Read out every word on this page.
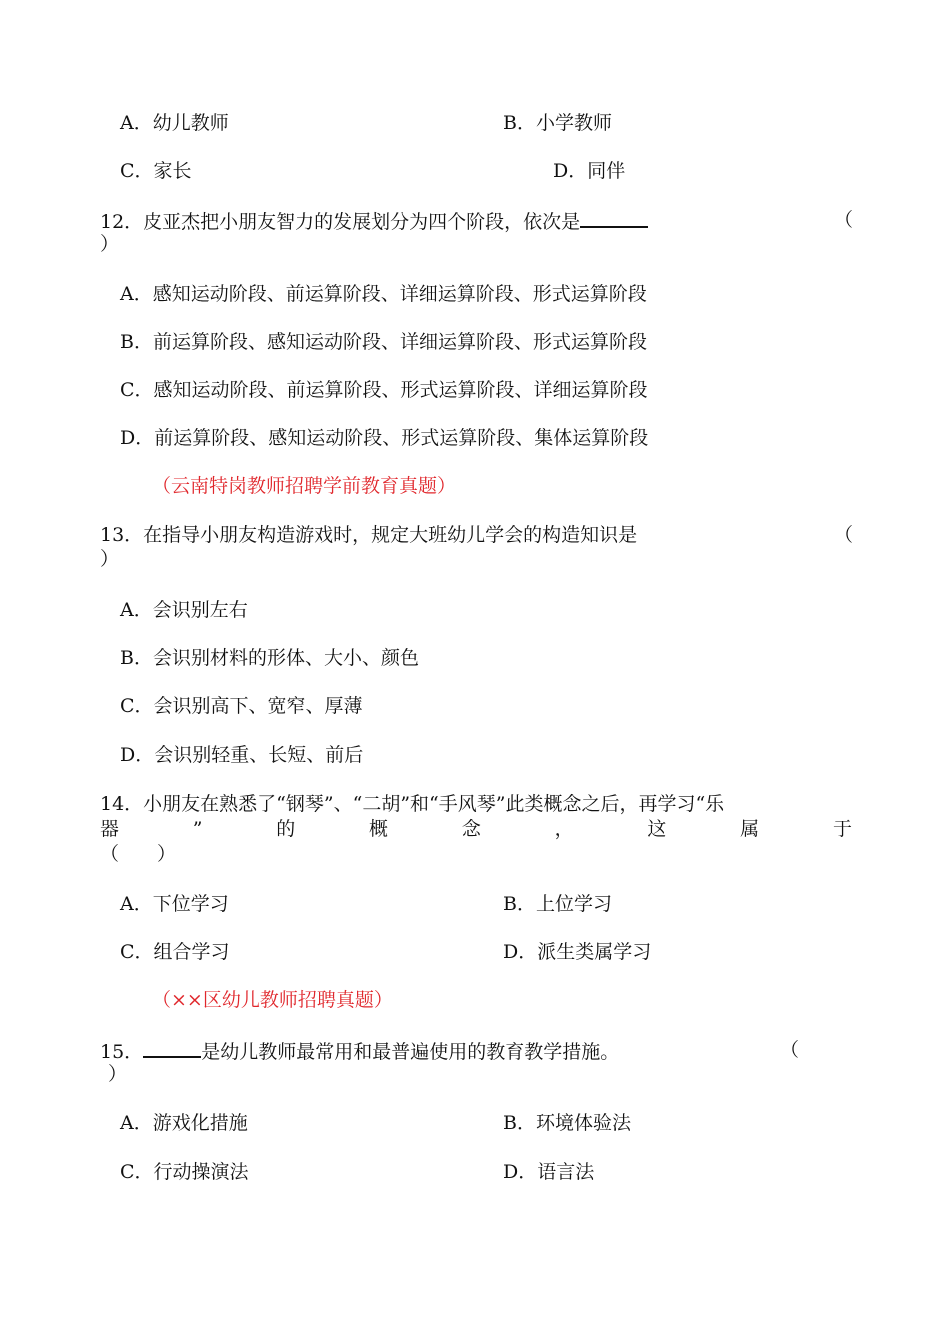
A．幼儿教师	B．小学教师
C．家长	D．同伴
12．皮亚杰把小朋友智力的发展划分为四个阶段，依次是	（
）
A．感知运动阶段、前运算阶段、详细运算阶段、形式运算阶段
B．前运算阶段、感知运动阶段、详细运算阶段、形式运算阶段
C．感知运动阶段、前运算阶段、形式运算阶段、详细运算阶段
D．前运算阶段、感知运动阶段、形式运算阶段、集体运算阶段
（云南特岗教师招聘学前教育真题）
13．在指导小朋友构造游戏时，规定大班幼儿学会的构造知识是	（
）
A．会识别左右
B．会识别材料的形体、大小、颜色
C．会识别高下、宽窄、厚薄
D．会识别轻重、长短、前后
14．小朋友在熟悉了“钢琴”、“二胡”和“手风琴”此类概念之后，再学习“乐
器	”	的	概	念	，	这	属	于
（　　）
A．下位学习	B．上位学习
C．组合学习	D．派生类属学习
（××区幼儿教师招聘真题）
15．	是幼儿教师最常用和最普遍使用的教育教学措施。	（
）
A．游戏化措施	B．环境体验法
C．行动操演法	D．语言法
